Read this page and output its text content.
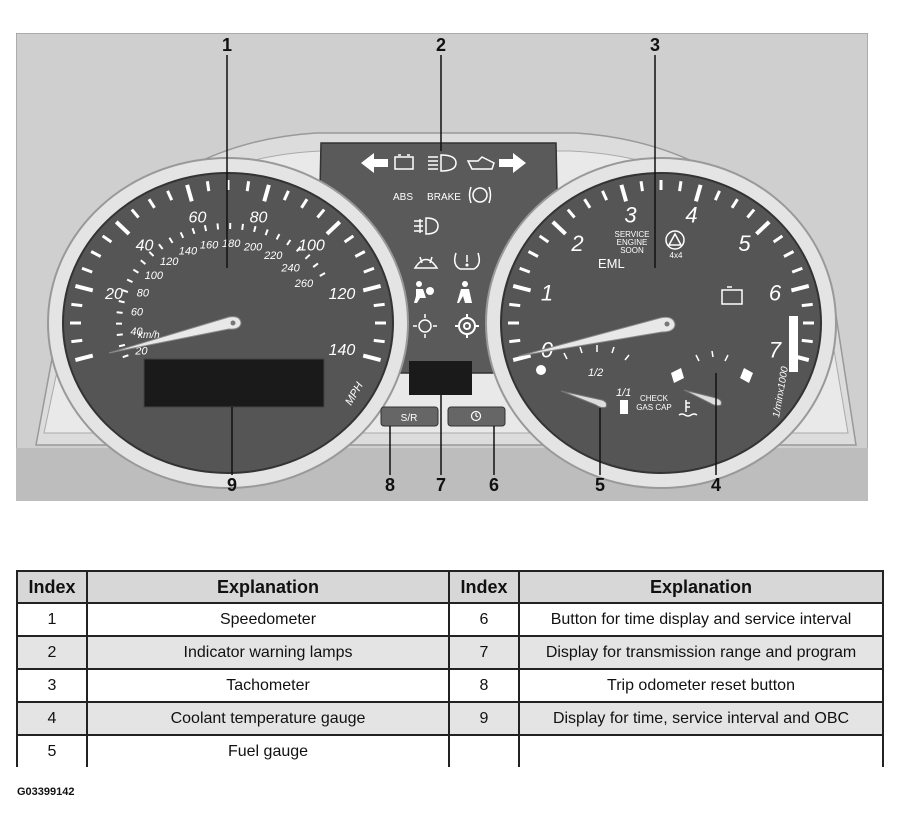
ABS BRAKE
20
40
60	80
100
120
140
20
40
60
80
100
120
140
160 180 200
220
240
260
km/h
MPH
1
2
3 4
5
6
7
EML
SERVICE
ENGINE
SOON
4x4
1/minx1000
1/2
1/1 CHECK
GAS CAP
S/R
1	2	3
4
5
6
7
8
9
Index	Explanation	Index	Explanation
1	Speedometer	6	Button for time display and service interval
2	Indicator warning lamps	7	Display for transmission range and program
3	Tachometer	8	Trip odometer reset button
4	Coolant temperature gauge	9	Display for time, service interval and OBC
5	Fuel gauge		
G03399142
